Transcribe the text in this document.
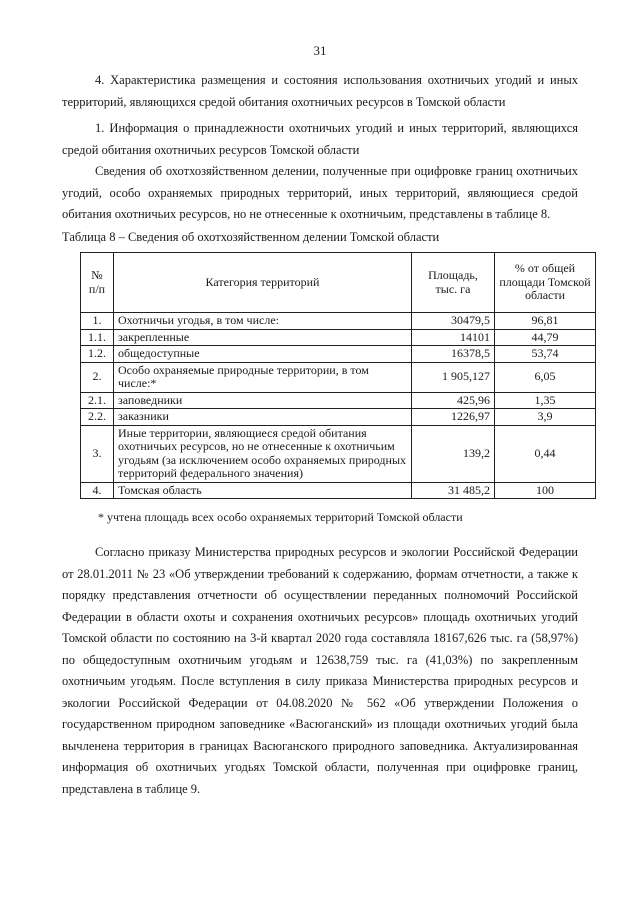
31
4. Характеристика размещения и состояния использования охотничьих угодий и иных территорий, являющихся средой обитания охотничьих ресурсов в Томской области
1. Информация о принадлежности охотничьих угодий и иных территорий, являющихся средой обитания охотничьих ресурсов Томской области
Сведения об охотхозяйственном делении, полученные при оцифровке границ охотничьих угодий, особо охраняемых природных территорий, иных территорий, являющиеся средой обитания охотничьих ресурсов, но не отнесенные к охотничьим, представлены в таблице 8.
Таблица 8 – Сведения об охотхозяйственном делении Томской области
№ п/п	Категория территорий	Площадь, тыс. га	% от общей площади Томской области
1.	Охотничьи угодья, в том числе:	30479,5	96,81
1.1.	закрепленные	14101	44,79
1.2.	общедоступные	16378,5	53,74
2.	Особо охраняемые природные территории, в том числе:*	1 905,127	6,05
2.1.	заповедники	425,96	1,35
2.2.	заказники	1226,97	3,9
3.	Иные территории, являющиеся средой обитания охотничьих ресурсов, но не отнесенные к охотничьим угодьям (за исключением особо охраняемых природных территорий федерального значения)	139,2	0,44
4.	Томская область	31 485,2	100
* учтена площадь всех особо охраняемых территорий Томской области
Согласно приказу Министерства природных ресурсов и экологии Российской Федерации от 28.01.2011 № 23 «Об утверждении требований к содержанию, формам отчетности, а также к порядку представления отчетности об осуществлении переданных полномочий Российской Федерации в области охоты и сохранения охотничьих ресурсов» площадь охотничьих угодий Томской области по состоянию на 3-й квартал 2020 года составляла 18167,626 тыс. га (58,97%) по общедоступным охотничьим угодьям и 12638,759 тыс. га (41,03%) по закрепленным охотничьим угодьям. После вступления в силу приказа Министерства природных ресурсов и экологии Российской Федерации от 04.08.2020 № 562 «Об утверждении Положения о государственном природном заповеднике «Васюганский» из площади охотничьих угодий была вычленена территория в границах Васюганского природного заповедника. Актуализированная информация об охотничьих угодьях Томской области, полученная при оцифровке границ, представлена в таблице 9.
